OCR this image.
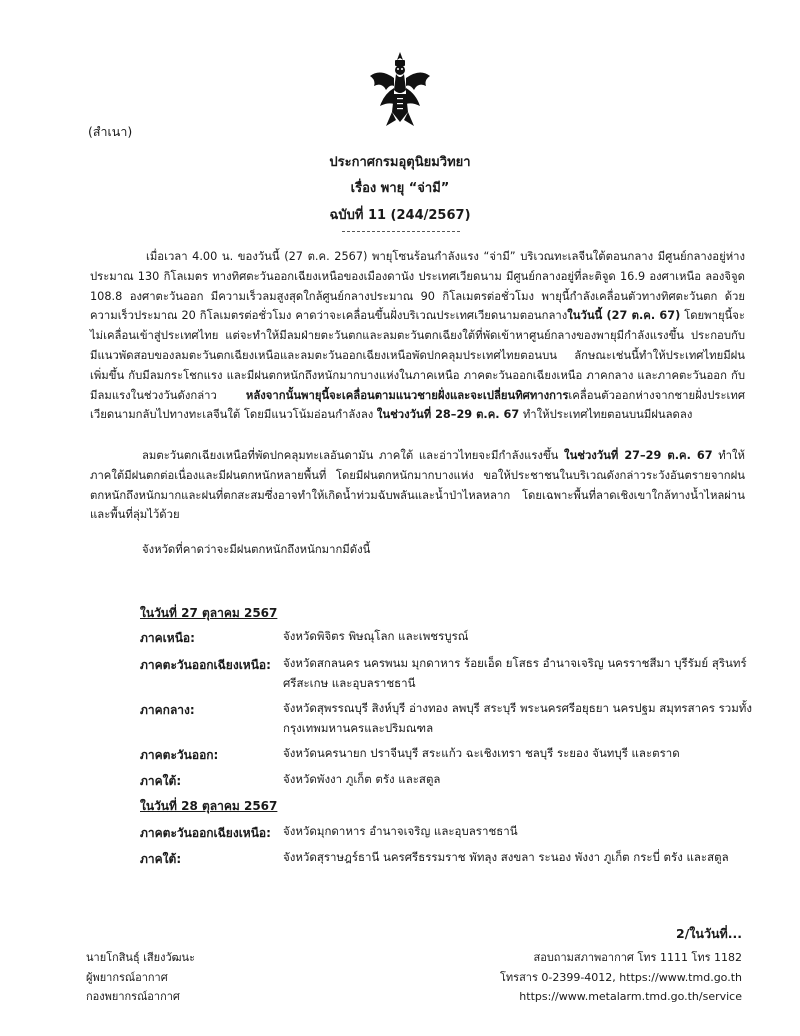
(สำเนา)
ประกาศกรมอุตุนิยมวิทยา
เรื่อง พายุ “จ่ามี”
ฉบับที่ 11 (244/2567)

เมื่อเวลา 4.00 น. ของวันนี้ (27 ต.ค. 2567) พายุโซนร้อนกำลังแรง “จ่ามี” บริเวณทะเลจีนใต้ตอนกลาง มีศูนย์กลางอยู่ห่างประมาณ 130 กิโลเมตร ทางทิศตะวันออกเฉียงเหนือของเมืองดานัง ประเทศเวียดนาม มีศูนย์กลางอยู่ที่ละติจูด 16.9 องศาเหนือ ลองจิจูด 108.8 องศาตะวันออก มีความเร็วลมสูงสุดใกล้ศูนย์กลางประมาณ 90 กิโลเมตรต่อชั่วโมง พายุนี้กำลังเคลื่อนตัวทางทิศตะวันตก ด้วยความเร็วประมาณ 20 กิโลเมตรต่อชั่วโมง คาดว่าจะเคลื่อนขึ้นฝั่งบริเวณประเทศเวียดนามตอนกลางในวันนี้ (27 ต.ค. 67) โดยพายุนี้จะไม่เคลื่อนเข้าสู่ประเทศไทย แต่จะทำให้มีลมฝ่ายตะวันตกและลมตะวันตกเฉียงใต้ที่พัดเข้าหาศูนย์กลางของพายุมีกำลังแรงขึ้น ประกอบกับมีแนวพัดสอบของลมตะวันตกเฉียงเหนือและลมตะวันออกเฉียงเหนือพัดปกคลุมประเทศไทยตอนบน ลักษณะเช่นนี้ทำให้ประเทศไทยมีฝนเพิ่มขึ้น กับมีลมกระโชกแรง และมีฝนตกหนักถึงหนักมากบางแห่งในภาคเหนือ ภาคตะวันออกเฉียงเหนือ ภาคกลาง และภาคตะวันออก กับมีลมแรงในช่วงวันดังกล่าว หลังจากนั้นพายุนี้จะเคลื่อนตามแนวชายฝั่งและจะเปลี่ยนทิศทางการเคลื่อนตัวออกห่างจากชายฝั่งประเทศเวียดนามกลับไปทางทะเลจีนใต้ โดยมีแนวโน้มอ่อนกำลังลง ในช่วงวันที่ 28–29 ต.ค. 67 ทำให้ประเทศไทยตอนบนมีฝนลดลง

ลมตะวันตกเฉียงเหนือที่พัดปกคลุมทะเลอันดามัน ภาคใต้ และอ่าวไทยจะมีกำลังแรงขึ้น ในช่วงวันที่ 27–29 ต.ค. 67 ทำให้ภาคใต้มีฝนตกต่อเนื่องและมีฝนตกหนักหลายพื้นที่ โดยมีฝนตกหนักมากบางแห่ง ขอให้ประชาชนในบริเวณดังกล่าวระวังอันตรายจากฝนตกหนักถึงหนักมากและฝนที่ตกสะสมซึ่งอาจทำให้เกิดน้ำท่วมฉับพลันและน้ำป่าไหลหลาก โดยเฉพาะพื้นที่ลาดเชิงเขาใกล้ทางน้ำไหลผ่านและพื้นที่ลุ่มไว้ด้วย

จังหวัดที่คาดว่าจะมีฝนตกหนักถึงหนักมากมีดังนี้

ในวันที่ 27 ตุลาคม 2567
ภาคเหนือ:	จังหวัดพิจิตร พิษณุโลก และเพชรบูรณ์
ภาคตะวันออกเฉียงเหนือ: จังหวัดสกลนคร นครพนม มุกดาหาร ร้อยเอ็ด ยโสธร อำนาจเจริญ นครราชสีมา บุรีรัมย์ สุรินทร์ศรีสะเกษ และอุบลราชธานี
ภาคกลาง:	จังหวัดสุพรรณบุรี สิงห์บุรี อ่างทอง ลพบุรี สระบุรี พระนครศรีอยุธยา นครปฐม สมุทรสาคร รวมทั้งกรุงเทพมหานครและปริมณฑล
ภาคตะวันออก:	จังหวัดนครนายก ปราจีนบุรี สระแก้ว ฉะเชิงเทรา ชลบุรี ระยอง จันทบุรี และตราด
ภาคใต้:	จังหวัดพังงา ภูเก็ต ตรัง และสตูล
ในวันที่ 28 ตุลาคม 2567
ภาคตะวันออกเฉียงเหนือ: จังหวัดมุกดาหาร อำนาจเจริญ และอุบลราชธานี
ภาคใต้:	จังหวัดสุราษฎร์ธานี นครศรีธรรมราช พัทลุง สงขลา ระนอง พังงา ภูเก็ต กระบี่ ตรัง และสตูล
2/ในวันที่...
นายโกสินธุ์ เสียงวัฒนะ
ผู้พยากรณ์อากาศ
กองพยากรณ์อากาศ
สอบถามสภาพอากาศ โทร 1111 โทร 1182
โทรสาร 0-2399-4012, https://www.tmd.go.th
https://www.metalarm.tmd.go.th/service
